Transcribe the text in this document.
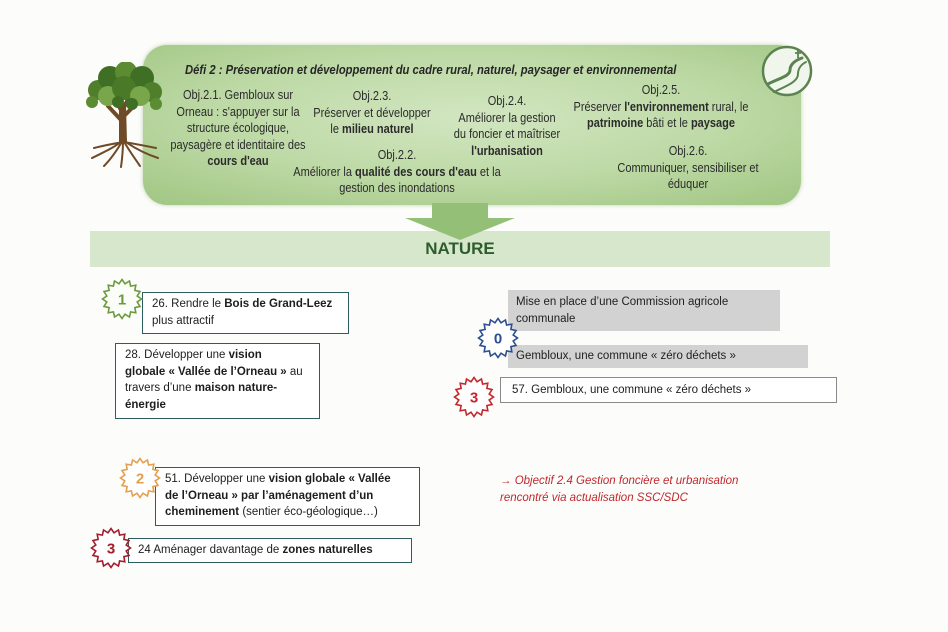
Défi 2 : Préservation et développement du cadre rural, naturel, paysager et environnemental
Obj.2.1. Gembloux sur
Orneau : s'appuyer sur la
structure écologique,
paysagère et identitaire des
cours d'eau
Obj.2.3.
Préserver et développer
le milieu naturel
Obj.2.4.
Améliorer la gestion
du foncier et maîtriser
l'urbanisation
Obj.2.5.
Préserver l'environnement rural, le
patrimoine bâti et le paysage
Obj.2.2.
Améliorer la qualité des cours d'eau et la
gestion des inondations
Obj.2.6.
Communiquer, sensibiliser et
éduquer
NATURE
1	26. Rendre le Bois de Grand-Leez
plus attractif
28. Développer une vision
globale « Vallée de l’Orneau » au
travers d’une maison nature-
énergie
Mise en place d’une Commission agricole
communale
Gembloux, une commune « zéro déchets »
0
3	57. Gembloux, une commune « zéro déchets »
2	51. Développer une vision globale « Vallée
de l’Orneau » par l’aménagement d’un
cheminement (sentier éco-géologique…)
3	24 Aménager davantage de zones naturelles
→ Objectif 2.4 Gestion foncière et urbanisation
rencontré via actualisation SSC/SDC
